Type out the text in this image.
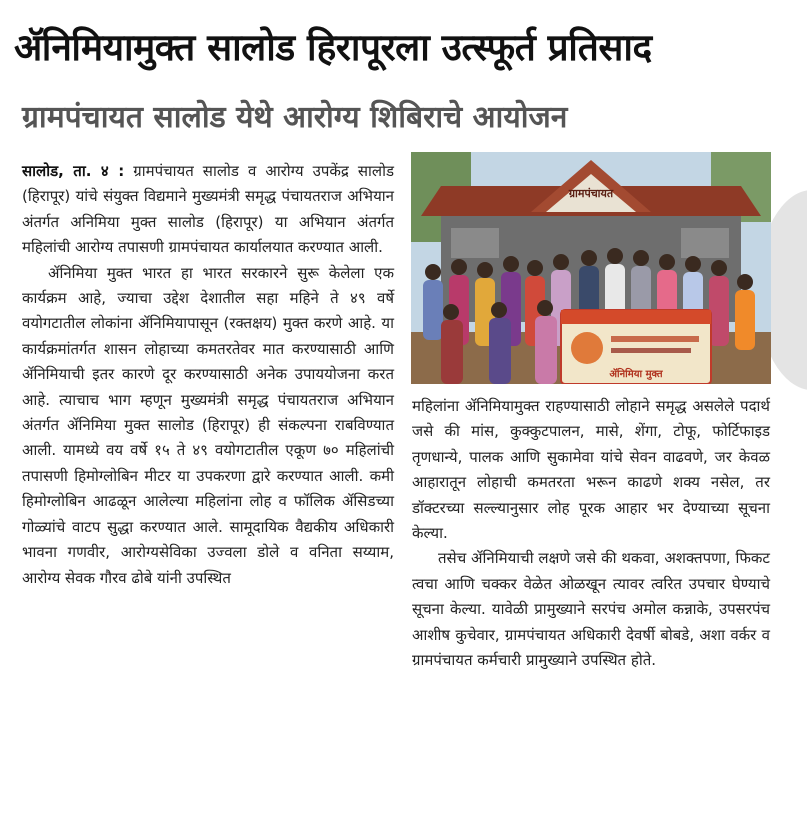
ॲनिमियामुक्त सालोड हिरापूरला उत्स्फूर्त प्रतिसाद
ग्रामपंचायत सालोड येथे आरोग्य शिबिराचे आयोजन

सालोड, ता. ४ : ग्रामपंचायत सालोड व आरोग्य उपकेंद्र सालोड (हिरापूर) यांचे संयुक्त विद्यमाने मुख्यमंत्री समृद्ध पंचायतराज अभियान अंतर्गत अनिमिया मुक्त सालोड (हिरापूर) या अभियान अंतर्गत महिलांची आरोग्य तपासणी ग्रामपंचायत कार्यालयात करण्यात आली.

ॲनिमिया मुक्त भारत हा भारत सरकारने सुरू केलेला एक कार्यक्रम आहे, ज्याचा उद्देश देशातील सहा महिने ते ४९ वर्षे वयोगटातील लोकांना ॲनिमियापासून (रक्तक्षय) मुक्त करणे आहे. या कार्यक्रमांतर्गत शासन लोहाच्या कमतरतेवर मात करण्यासाठी आणि ॲनिमियाची इतर कारणे दूर करण्यासाठी अनेक उपाययोजना करत आहे. त्याचाच भाग म्हणून मुख्यमंत्री समृद्ध पंचायतराज अभियान अंतर्गत ॲनिमिया मुक्त सालोड (हिरापूर) ही संकल्पना राबविण्यात आली. यामध्ये वय वर्षे १५ ते ४९ वयोगटातील एकूण ७० महिलांची तपासणी हिमोग्लोबिन मीटर या उपकरणा द्वारे करण्यात आली. कमी हिमोग्लोबिन आढळून आलेल्या महिलांना लोह व फॉलिक ॲसिडच्या गोळ्यांचे वाटप सुद्धा करण्यात आले. सामूदायिक वैद्यकीय अधिकारी भावना गणवीर, आरोग्यसेविका उज्वला डोले व वनिता सय्याम, आरोग्य सेवक गौरव ढोबे यांनी उपस्थित

ग्रामपंचायत
ॲनिमिया मुक्त

महिलांना ॲनिमियामुक्त राहण्यासाठी लोहाने समृद्ध असलेले पदार्थ जसे की मांस, कुक्कुटपालन, मासे, शेंगा, टोफू, फोर्टिफाइड तृणधान्ये, पालक आणि सुकामेवा यांचे सेवन वाढवणे, जर केवळ आहारातून लोहाची कमतरता भरून काढणे शक्य नसेल, तर डॉक्टरच्या सल्ल्यानुसार लोह पूरक आहार भर देण्याच्या सूचना केल्या.

तसेच ॲनिमियाची लक्षणे जसे की थकवा, अशक्तपणा, फिकट त्वचा आणि चक्कर वेळेत ओळखून त्यावर त्वरित उपचार घेण्याचे सूचना केल्या. यावेळी प्रामुख्याने सरपंच अमोल कन्नाके, उपसरपंच आशीष कुचेवार, ग्रामपंचायत अधिकारी देवर्षी बोबडे, अशा वर्कर व ग्रामपंचायत कर्मचारी प्रामुख्याने उपस्थित होते.
